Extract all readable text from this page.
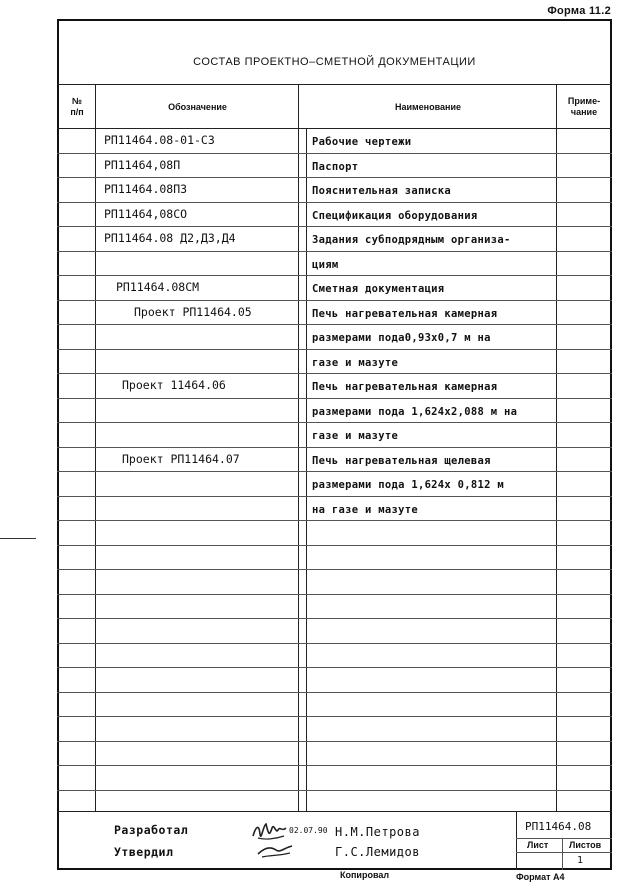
Форма 11.2
СОСТАВ ПРОЕКТНО–СМЕТНОЙ ДОКУМЕНТАЦИИ
№
п/п
Обозначение	Наименование
Приме-
чание
РП11464.08-01-СЗ	Рабочие чертежи
РП11464,08П	Паспорт
РП11464.08ПЗ	Пояснительная записка
РП11464,08СО	Спецификация оборудования
РП11464.08 Д2,Д3,Д4	Задания субподрядным организа-
циям
РП11464.08СМ	Сметная документация
Проект РП11464.05	Печь нагревательная камерная
размерами пода0,93х0,7 м на
газе и мазуте
Проект 11464.06	Печь нагревательная камерная
размерами пода 1,624х2,088 м на
газе и мазуте
Проект РП11464.07	Печь нагревательная щелевая
размерами пода 1,624х 0,812 м
на газе и мазуте
Разработал
Утвердил
02.07.90 Н.М.Петрова
Г.С.Лемидов
РП11464.08
Лист Листов
1
Копировал	Формат А4
